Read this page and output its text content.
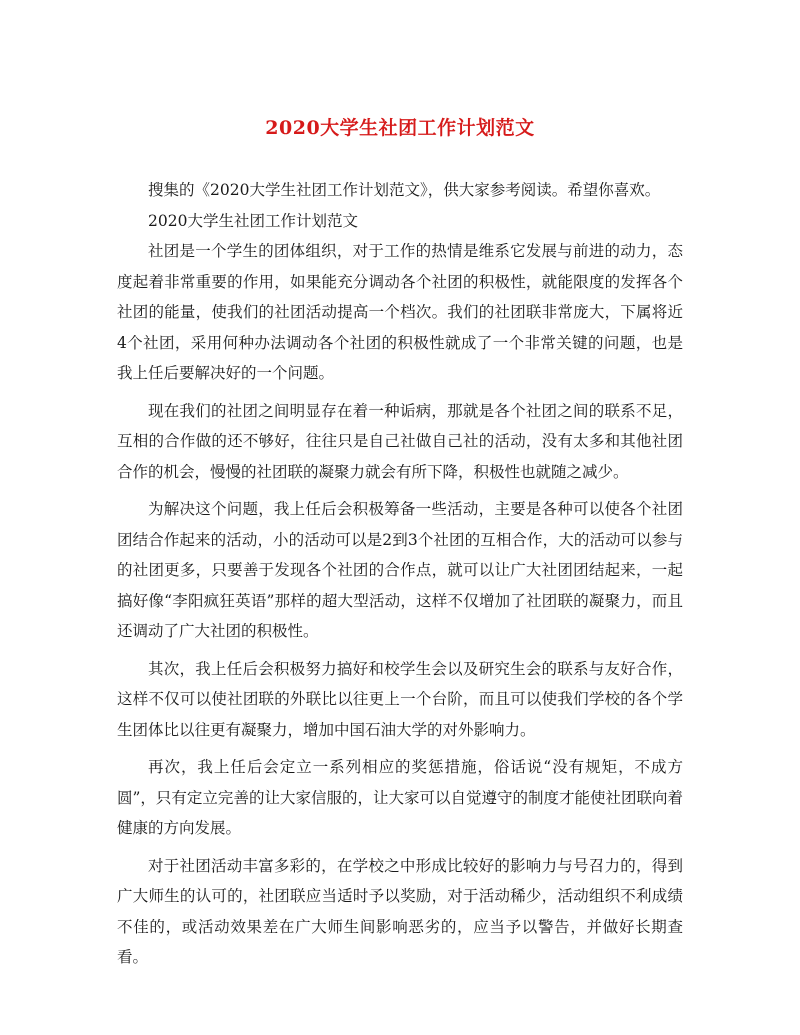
2020大学生社团工作计划范文

搜集的《2020大学生社团工作计划范文》，供大家参考阅读。希望你喜欢。

2020大学生社团工作计划范文

社团是一个学生的团体组织，对于工作的热情是维系它发展与前进的动力，态度起着非常重要的作用，如果能充分调动各个社团的积极性，就能限度的发挥各个社团的能量，使我们的社团活动提高一个档次。我们的社团联非常庞大，下属将近4个社团，采用何种办法调动各个社团的积极性就成了一个非常关键的问题，也是我上任后要解决好的一个问题。

现在我们的社团之间明显存在着一种诟病，那就是各个社团之间的联系不足，互相的合作做的还不够好，往往只是自己社做自己社的活动，没有太多和其他社团合作的机会，慢慢的社团联的凝聚力就会有所下降，积极性也就随之减少。

为解决这个问题，我上任后会积极筹备一些活动，主要是各种可以使各个社团团结合作起来的活动，小的活动可以是2到3个社团的互相合作，大的活动可以参与的社团更多，只要善于发现各个社团的合作点，就可以让广大社团团结起来，一起搞好像“李阳疯狂英语”那样的超大型活动，这样不仅增加了社团联的凝聚力，而且还调动了广大社团的积极性。

其次，我上任后会积极努力搞好和校学生会以及研究生会的联系与友好合作，这样不仅可以使社团联的外联比以往更上一个台阶，而且可以使我们学校的各个学生团体比以往更有凝聚力，增加中国石油大学的对外影响力。

再次，我上任后会定立一系列相应的奖惩措施，俗话说“没有规矩，不成方圆”，只有定立完善的让大家信服的，让大家可以自觉遵守的制度才能使社团联向着健康的方向发展。

对于社团活动丰富多彩的，在学校之中形成比较好的影响力与号召力的，得到广大师生的认可的，社团联应当适时予以奖励，对于活动稀少，活动组织不利成绩不佳的，或活动效果差在广大师生间影响恶劣的，应当予以警告，并做好长期查看。
